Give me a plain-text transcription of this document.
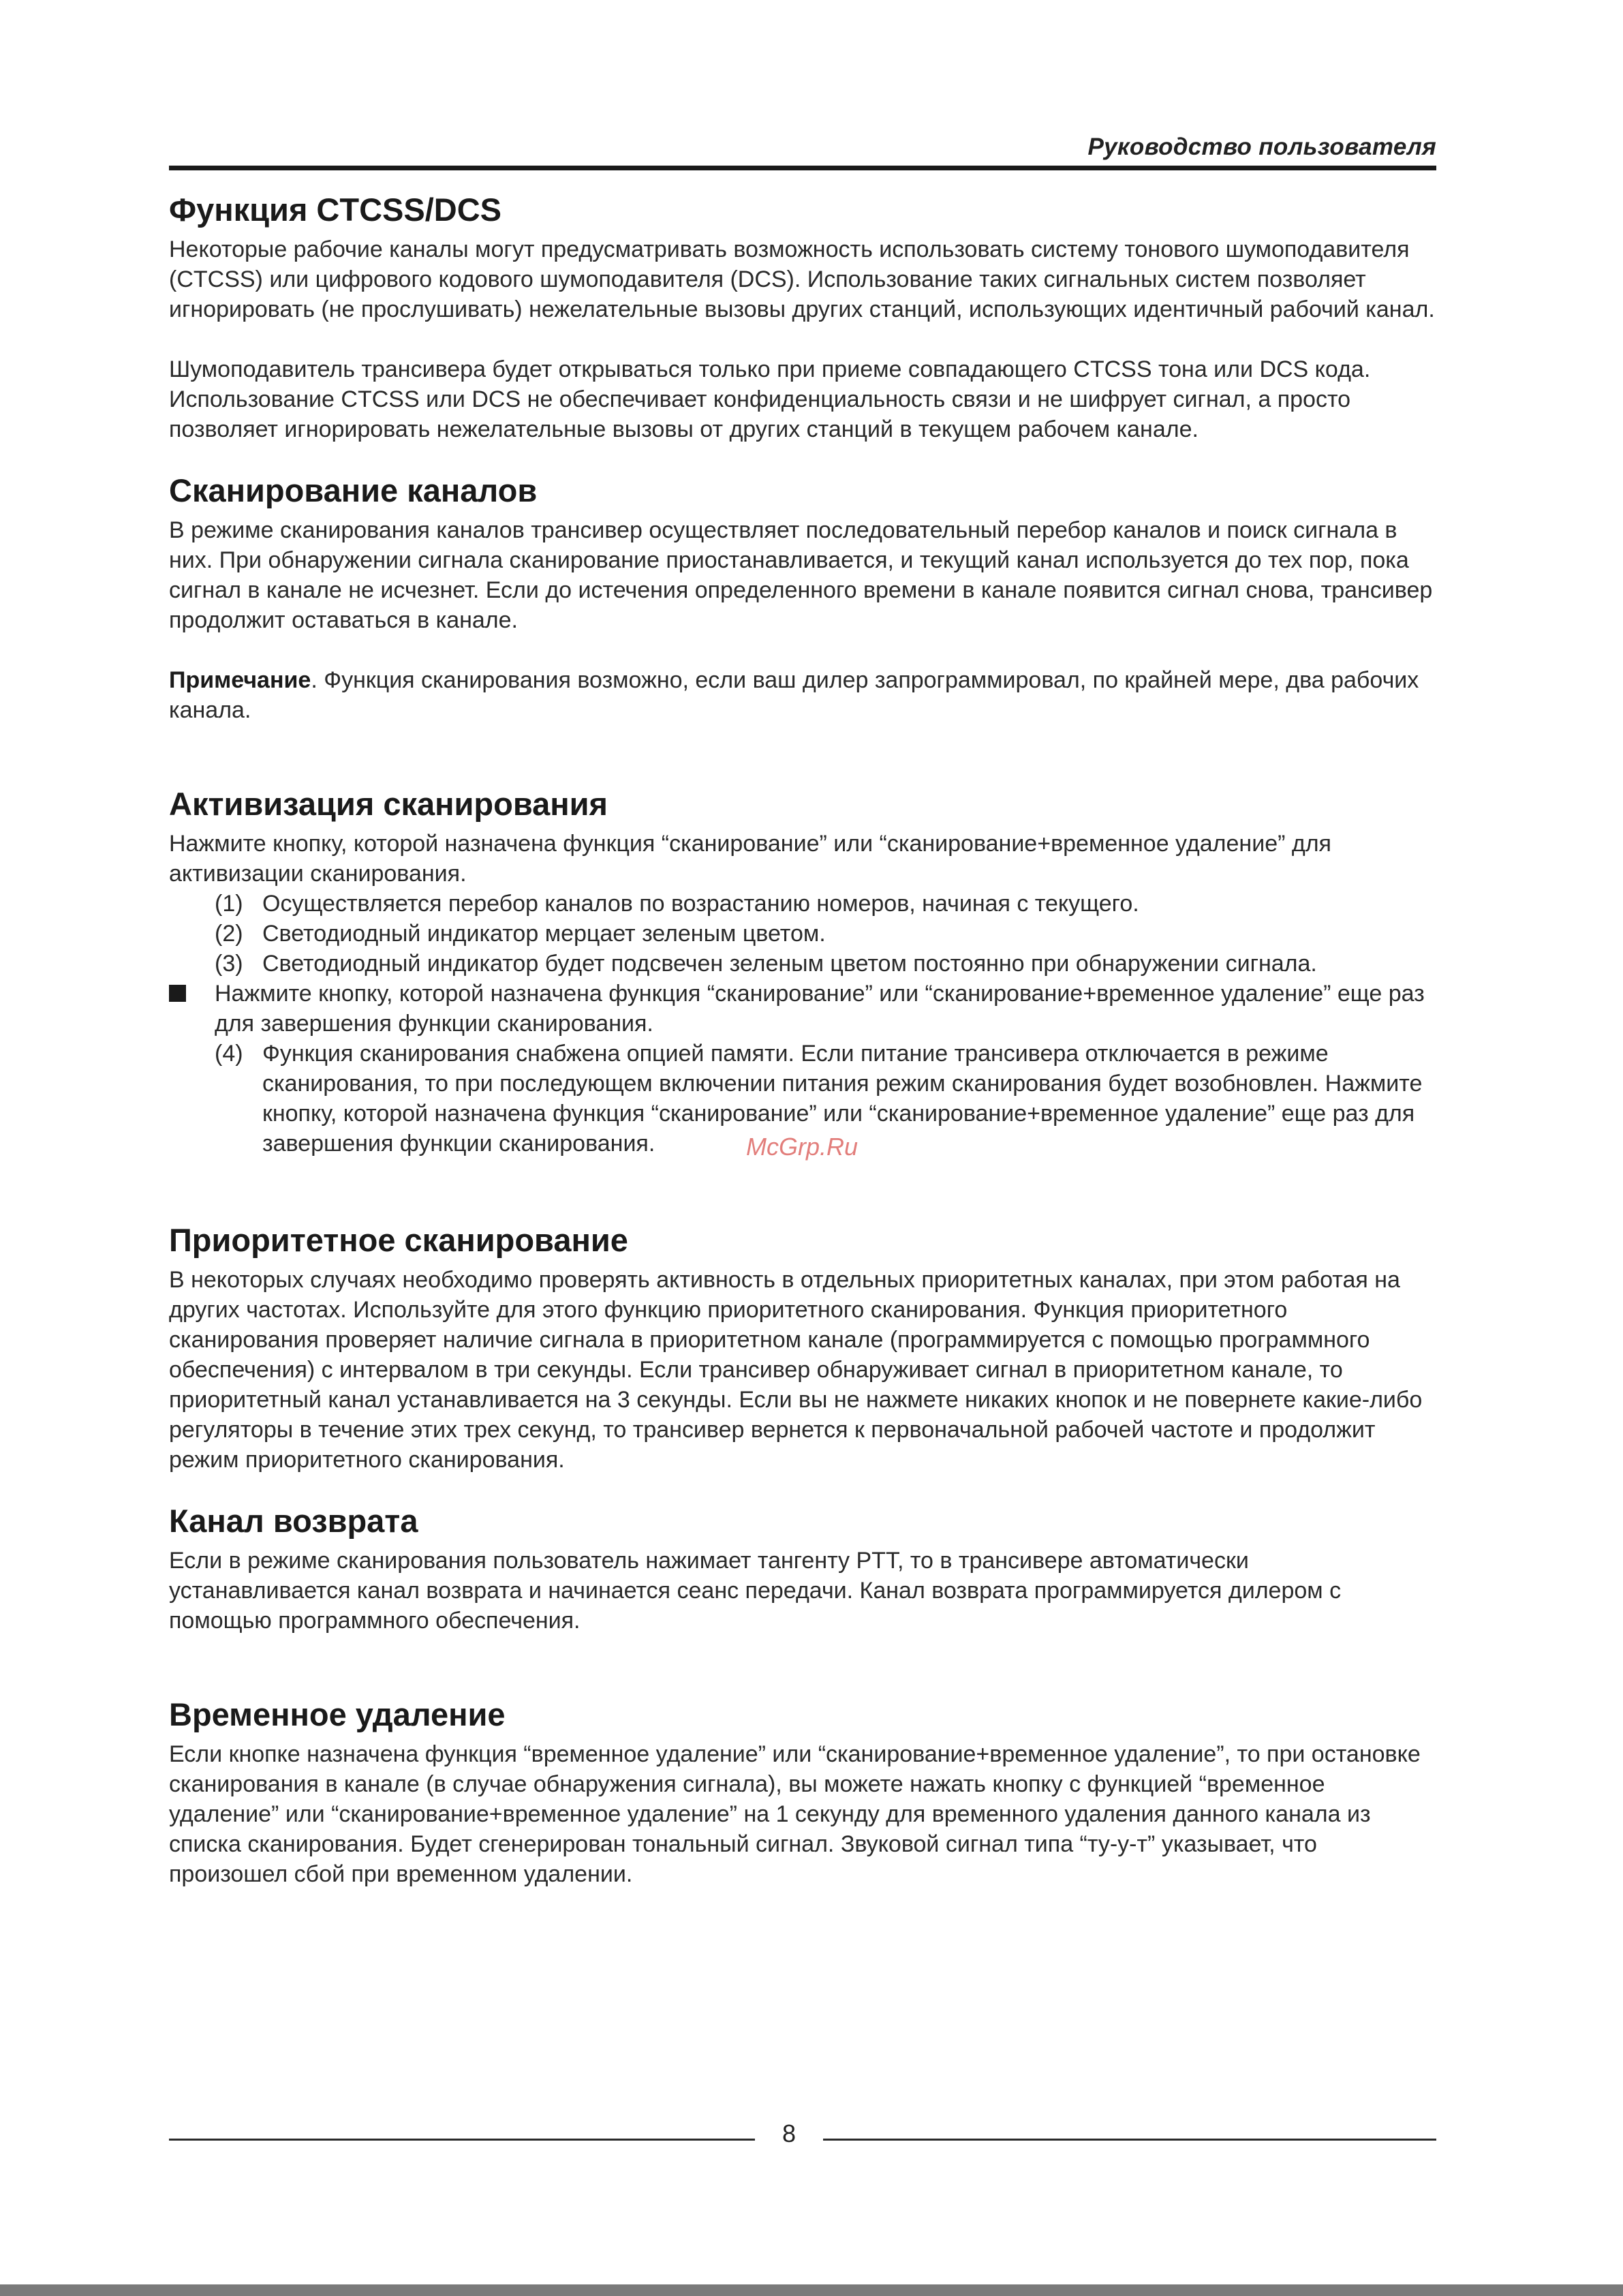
Руководство пользователя
Функция CTCSS/DCS

Некоторые рабочие каналы могут предусматривать возможность использовать систему тонового шумоподавителя (CTCSS) или цифрового кодового шумоподавителя (DCS). Использование таких сигнальных систем позволяет игнорировать (не прослушивать) нежелательные вызовы других станций, использующих идентичный рабочий канал.

Шумоподавитель трансивера будет открываться только при приеме совпадающего CTCSS тона или DCS кода. Использование CTCSS или DCS не обеспечивает конфиденциальность связи и не шифрует сигнал, а просто позволяет игнорировать нежелательные вызовы от других станций в текущем рабочем канале.

Сканирование каналов

В режиме сканирования каналов трансивер осуществляет последовательный перебор каналов и поиск сигнала в них. При обнаружении сигнала сканирование приостанавливается, и текущий канал используется до тех пор, пока сигнал в канале не исчезнет. Если до истечения определенного времени в канале появится сигнал снова, трансивер продолжит оставаться в канале.

Примечание. Функция сканирования возможно, если ваш дилер запрограммировал, по крайней мере, два рабочих канала.

Активизация сканирования

Нажмите кнопку, которой назначена функция “сканирование” или “сканирование+временное удаление” для активизации сканирования.

(1) Осуществляется перебор каналов по возрастанию номеров, начиная с текущего.
(2) Светодиодный индикатор мерцает зеленым цветом.
(3) Светодиодный индикатор будет подсвечен зеленым цветом постоянно при обнаружении сигнала.
Нажмите кнопку, которой назначена функция “сканирование” или “сканирование+временное удаление” еще раз для завершения функции сканирования.
(4) Функция сканирования снабжена опцией памяти. Если питание трансивера отключается в режиме сканирования, то при последующем включении питания режим сканирования будет возобновлен. Нажмите кнопку, которой назначена функция “сканирование” или “сканирование+временное удаление” еще раз для завершения функции сканирования.
Приоритетное сканирование

В некоторых случаях необходимо проверять активность в отдельных приоритетных каналах, при этом работая на других частотах. Используйте для этого функцию приоритетного сканирования. Функция приоритетного сканирования проверяет наличие сигнала в приоритетном канале (программируется с помощью программного обеспечения) с интервалом в три секунды. Если трансивер обнаруживает сигнал в приоритетном канале, то приоритетный канал устанавливается на 3 секунды. Если вы не нажмете никаких кнопок и не повернете какие-либо регуляторы в течение этих трех секунд, то трансивер вернется к первоначальной рабочей частоте и продолжит режим приоритетного сканирования.

Канал возврата

Если в режиме сканирования пользователь нажимает тангенту PTT, то в трансивере автоматически устанавливается канал возврата и начинается сеанс передачи. Канал возврата программируется дилером с помощью программного обеспечения.

Временное удаление

Если кнопке назначена функция “временное удаление” или “сканирование+временное удаление”, то при остановке сканирования в канале (в случае обнаружения сигнала), вы можете нажать кнопку с функцией “временное удаление” или “сканирование+временное удаление” на 1 секунду для временного удаления данного канала из списка сканирования. Будет сгенерирован тональный сигнал. Звуковой сигнал типа “ту-у-т” указывает, что произошел сбой при временном удалении.

8
McGrp.Ru
